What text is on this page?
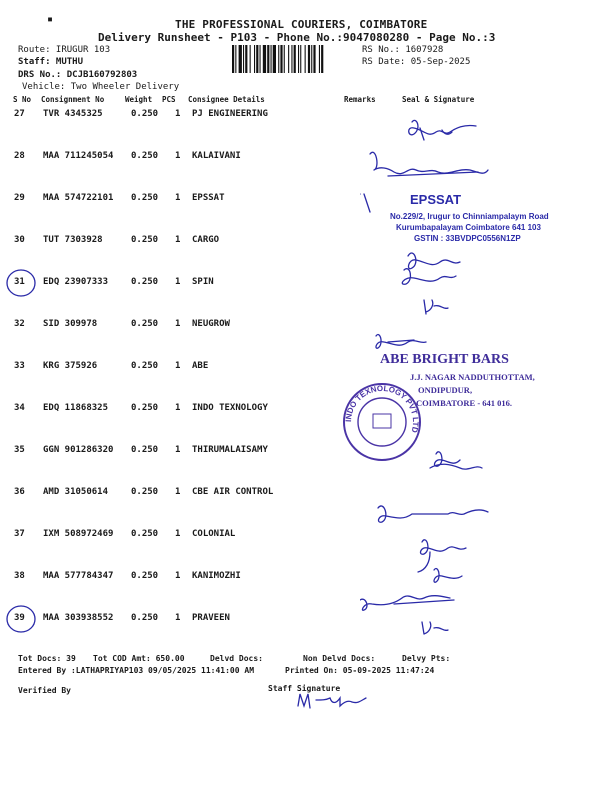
THE PROFESSIONAL COURIERS, COIMBATORE
Delivery Runsheet - P103 - Phone No.:9047080280 - Page No.:3
▪
Route: IRUGUR 103
Staff: MUTHU
DRS No.: DCJB160792803
Vehicle: Two Wheeler Delivery
RS No.: 1607928
RS Date: 05-Sep-2025
S No Consignment No	Weight PCS Consignee Details	Remarks	Seal & Signature
27 TVR 4345325	0.250 1 PJ ENGINEERING
28 MAA 711245054 0.250 1 KALAIVANI
29 MAA 574722101 0.250 1 EPSSAT
30 TUT 7303928	0.250 1 CARGO
31 EDQ 23907333	0.250 1 SPIN
32 SID 309978	0.250 1 NEUGROW
33 KRG 375926	0.250 1 ABE
34 EDQ 11868325	0.250 1 INDO TEXNOLOGY
35 GGN 901286320 0.250 1 THIRUMALAISAMY
36 AMD 31050614	0.250 1 CBE AIR CONTROL
37 IXM 508972469 0.250 1 COLONIAL
38 MAA 577784347 0.250 1 KANIMOZHI
39 MAA 303938552 0.250 1 PRAVEEN
EPSSAT
No.229/2, Irugur to Chinniampalaym Road
Kurumbapalayam Coimbatore 641 103
GSTIN : 33BVDPC0556N1ZP
ABE BRIGHT BARS
J.J. NAGAR NADDUTHOTTAM,
ONDIPUDUR,
COIMBATORE - 641 016.
INDO TEXNOLOGY PVT LTD
Tot Docs: 39 Tot COD Amt: 650.00	Delvd Docs:	Non Delvd Docs:	Delvy Pts:
Entered By :LATHAPRIYAP103 09/05/2025 11:41:00 AM	Printed On: 05-09-2025 11:47:24
Verified By	Staff Signature
